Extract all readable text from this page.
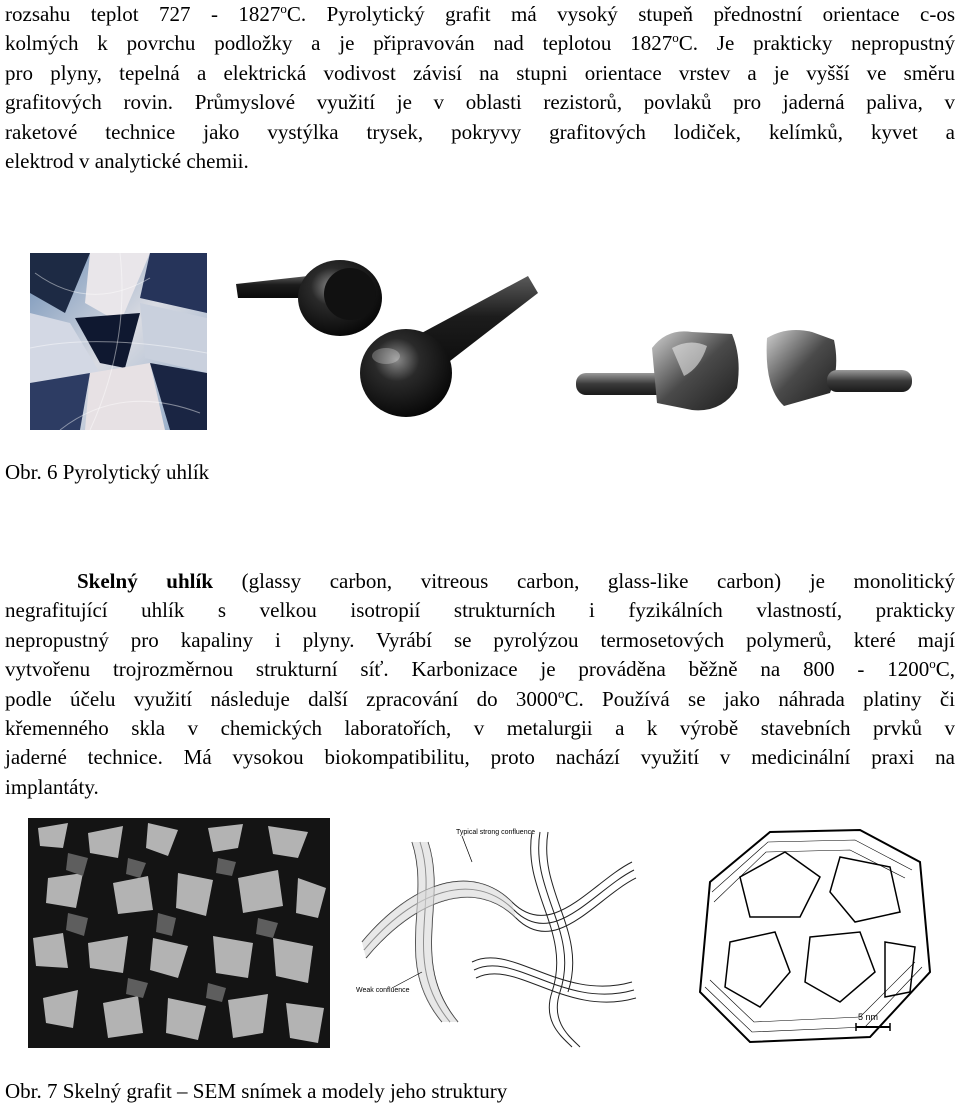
rozsahu teplot 727 - 1827$^o$C. Pyrolytický grafit má vysoký stupeň přednostní orientace c-os
kolmých k povrchu podložky a je připravován nad teplotou 1827$^o$C. Je prakticky nepropustný
pro plyny, tepelná a elektrická vodivost závisí na stupni orientace vrstev a je vyšší ve směru
grafitových rovin. Průmyslové využití je v oblasti rezistorů, povlaků pro jaderná paliva, v
raketové technice jako vystýlka trysek, pokryvy grafitových lodiček, kelímků, kyvet a
elektrod v analytické chemii.

Obr. 6 Pyrolytický uhlík

Skelný uhlík (glassy carbon, vitreous carbon, glass-like carbon) je monolitický
negrafitující uhlík s velkou isotropií strukturních i fyzikálních vlastností, prakticky
nepropustný pro kapaliny i plyny. Vyrábí se pyrolýzou termosetových polymerů, které mají
vytvořenu trojrozměrnou strukturní síť. Karbonizace je prováděna běžně na 800 - 1200$^o$C,
podle účelu využití následuje další zpracování do 3000$^o$C. Používá se jako náhrada platiny či
křemenného skla v chemických laboratořích, v metalurgii a k výrobě stavebních prvků v
jaderné technice. Má vysokou biokompatibilitu, proto nachází využití v medicinální praxi na
implantáty.
Typical strong confluence
Weak confluence
5 nm

Obr. 7 Skelný grafit – SEM snímek a modely jeho struktury
